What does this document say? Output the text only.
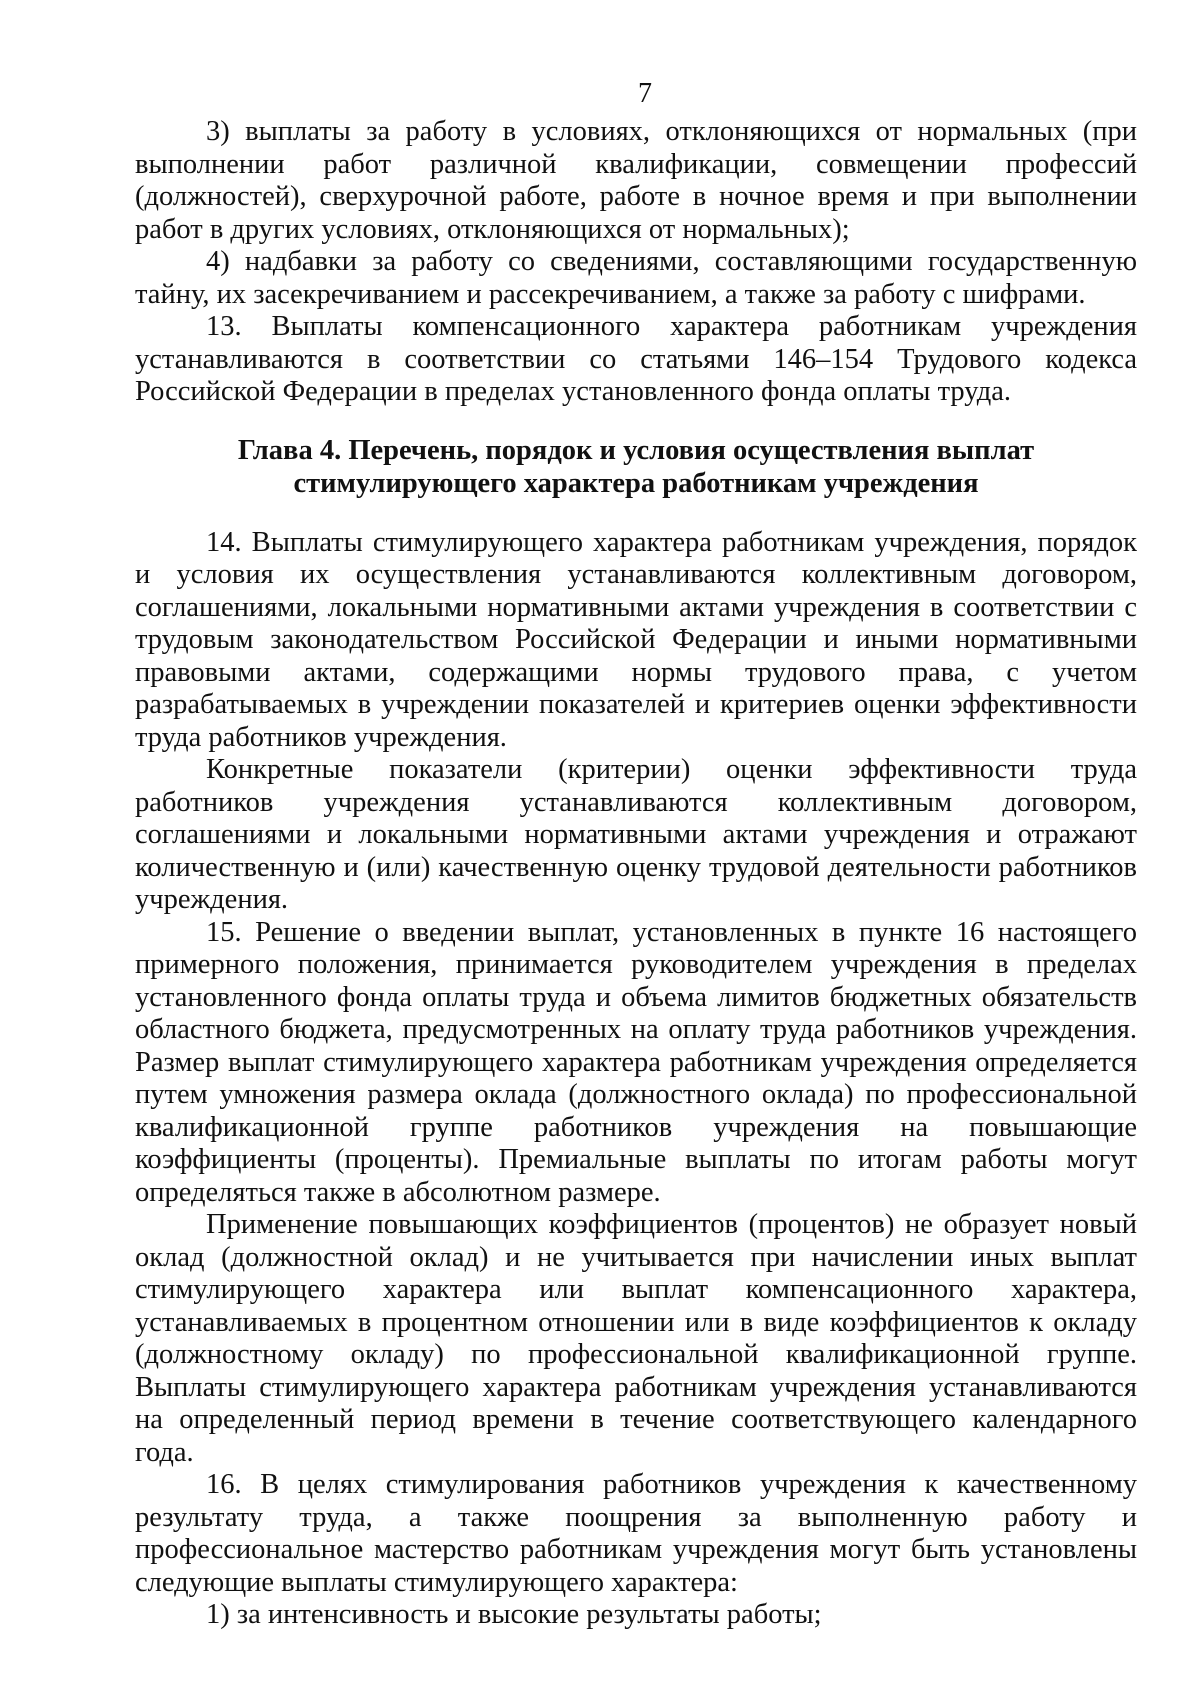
7

3) выплаты за работу в условиях, отклоняющихся от нормальных (при выполнении работ различной квалификации, совмещении профессий (должностей), сверхурочной работе, работе в ночное время и при выполнении работ в других условиях, отклоняющихся от нормальных);

4) надбавки за работу со сведениями, составляющими государственную тайну, их засекречиванием и рассекречиванием, а также за работу с шифрами.

13. Выплаты компенсационного характера работникам учреждения устанавливаются в соответствии со статьями 146–154 Трудового кодекса Российской Федерации в пределах установленного фонда оплаты труда.

Глава 4. Перечень, порядок и условия осуществления выплат
стимулирующего характера работникам учреждения

14. Выплаты стимулирующего характера работникам учреждения, порядок и условия их осуществления устанавливаются коллективным договором, соглашениями, локальными нормативными актами учреждения в соответствии с трудовым законодательством Российской Федерации и иными нормативными правовыми актами, содержащими нормы трудового права, с учетом разрабатываемых в учреждении показателей и критериев оценки эффективности труда работников учреждения.

Конкретные показатели (критерии) оценки эффективности труда работников учреждения устанавливаются коллективным договором, соглашениями и локальными нормативными актами учреждения и отражают количественную и (или) качественную оценку трудовой деятельности работников учреждения.

15. Решение о введении выплат, установленных в пункте 16 настоящего примерного положения, принимается руководителем учреждения в пределах установленного фонда оплаты труда и объема лимитов бюджетных обязательств областного бюджета, предусмотренных на оплату труда работников учреждения. Размер выплат стимулирующего характера работникам учреждения определяется путем умножения размера оклада (должностного оклада) по профессиональной квалификационной группе работников учреждения на повышающие коэффициенты (проценты). Премиальные выплаты по итогам работы могут определяться также в абсолютном размере.

Применение повышающих коэффициентов (процентов) не образует новый оклад (должностной оклад) и не учитывается при начислении иных выплат стимулирующего характера или выплат компенсационного характера, устанавливаемых в процентном отношении или в виде коэффициентов к окладу (должностному окладу) по профессиональной квалификационной группе. Выплаты стимулирующего характера работникам учреждения устанавливаются на определенный период времени в течение соответствующего календарного года.

16. В целях стимулирования работников учреждения к качественному результату труда, а также поощрения за выполненную работу и профессиональное мастерство работникам учреждения могут быть установлены следующие выплаты стимулирующего характера:

1) за интенсивность и высокие результаты работы;
